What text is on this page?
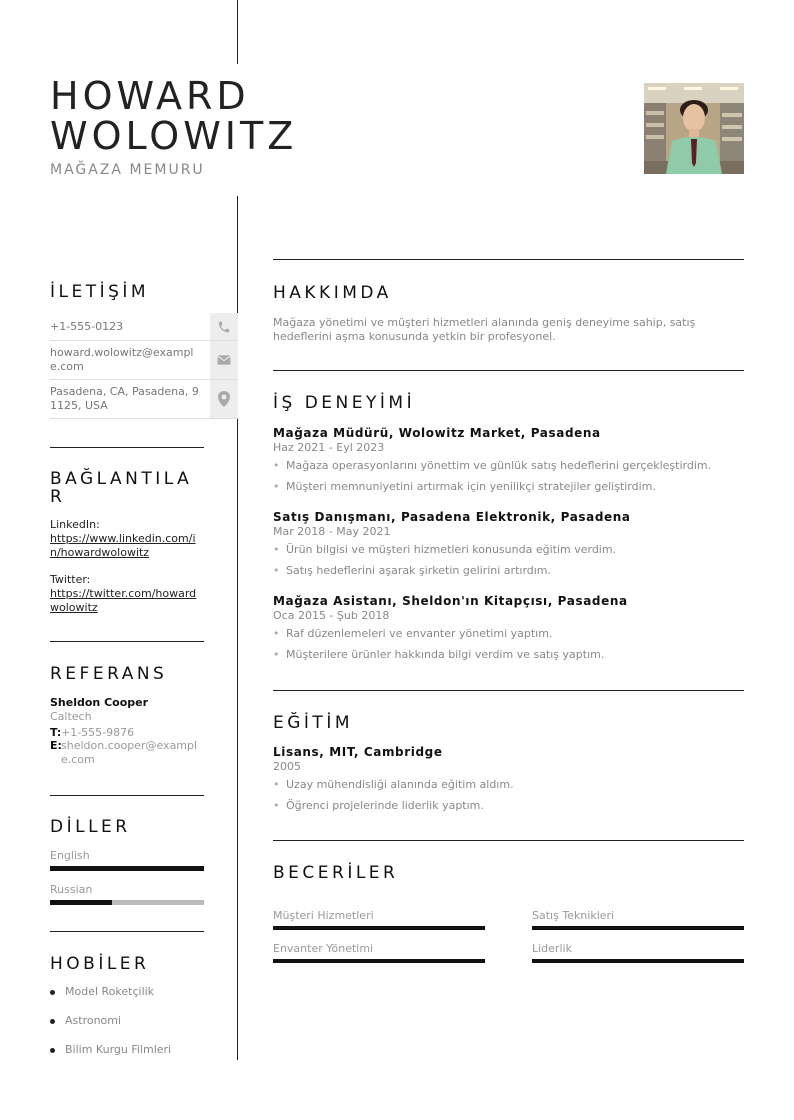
HOWARD
WOLOWITZ
MAĞAZA MEMURU
İLETİŞİM
+1-555-0123
howard.wolowitz@example.com
Pasadena, CA, Pasadena, 91125, USA
BAĞLANTILAR
LinkedIn:
https://www.linkedin.com/in/howardwolowitz
Twitter:
https://twitter.com/howardwolowitz
REFERANS
Sheldon Cooper
Caltech
T: +1-555-9876
E: sheldon.cooper@example.com
DİLLER
English
Russian
HOBİLER
Model Roketçilik
Astronomi
Bilim Kurgu Filmleri
HAKKIMDA
Mağaza yönetimi ve müşteri hizmetleri alanında geniş deneyime sahip, satış hedeflerini aşma konusunda yetkin bir profesyonel.
İŞ DENEYİMİ
Mağaza Müdürü, Wolowitz Market, Pasadena
Haz 2021 - Eyl 2023
• Mağaza operasyonlarını yönettim ve günlük satış hedeflerini gerçekleştirdim.
• Müşteri memnuniyetini artırmak için yenilikçi stratejiler geliştirdim.
Satış Danışmanı, Pasadena Elektronik, Pasadena
Mar 2018 - May 2021
• Ürün bilgisi ve müşteri hizmetleri konusunda eğitim verdim.
• Satış hedeflerini aşarak şirketin gelirini artırdım.
Mağaza Asistanı, Sheldon'ın Kitapçısı, Pasadena
Oca 2015 - Şub 2018
• Raf düzenlemeleri ve envanter yönetimi yaptım.
• Müşterilere ürünler hakkında bilgi verdim ve satış yaptım.
EĞİTİM
Lisans, MIT, Cambridge
2005
• Uzay mühendisliği alanında eğitim aldım.
• Öğrenci projelerinde liderlik yaptım.
BECERİLER
Müşteri Hizmetleri	Satış Teknikleri
Envanter Yönetimi	Liderlik
